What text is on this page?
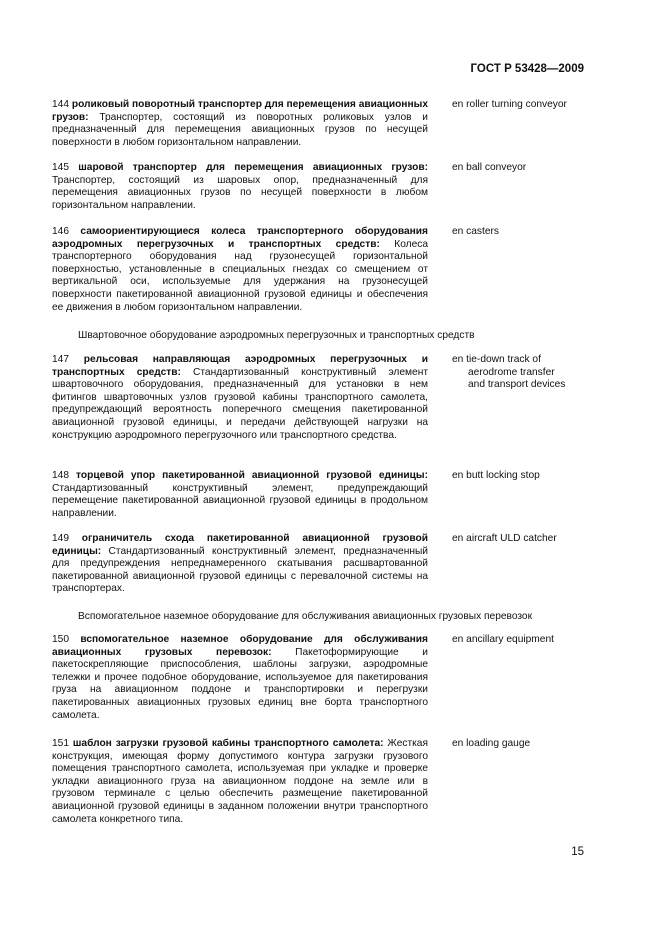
ГОСТ Р 53428—2009
144 роликовый поворотный транспортер для перемещения авиационных грузов: Транспортер, состоящий из поворотных роликовых узлов и предназначенный для перемещения авиационных грузов по несущей поверхности в любом горизонтальном направлении.
en roller turning conveyor
145 шаровой транспортер для перемещения авиационных грузов: Транспортер, состоящий из шаровых опор, предназначенный для перемещения авиационных грузов по несущей поверхности в любом горизонтальном направлении.
en ball conveyor
146 самоориентирующиеся колеса транспортерного оборудования аэродромных перегрузочных и транспортных средств: Колеса транспортерного оборудования над грузонесущей горизонтальной поверхностью, установленные в специальных гнездах со смещением от вертикальной оси, используемые для удержания на грузонесущей поверхности пакетированной авиационной грузовой единицы и обеспечения ее движения в любом горизонтальном направлении.
en casters
Швартовочное оборудование аэродромных перегрузочных и транспортных средств
147 рельсовая направляющая аэродромных перегрузочных и транспортных средств: Стандартизованный конструктивный элемент швартовочного оборудования, предназначенный для установки в нем фитингов швартовочных узлов грузовой кабины транспортного самолета, предупреждающий вероятность поперечного смещения пакетированной авиационной грузовой единицы, и передачи действующей нагрузки на конструкцию аэродромного перегрузочного или транспортного средства.
en tie-down track of
aerodrome transfer
and transport devices
148 торцевой упор пакетированной авиационной грузовой единицы: Стандартизованный конструктивный элемент, предупреждающий перемещение пакетированной авиационной грузовой единицы в продольном направлении.
en butt locking stop
149 ограничитель схода пакетированной авиационной грузовой единицы: Стандартизованный конструктивный элемент, предназначенный для предупреждения непреднамеренного скатывания расшвартованной пакетированной авиационной грузовой единицы с перевалочной системы на транспортерах.
en aircraft ULD catcher
Вспомогательное наземное оборудование для обслуживания авиационных грузовых перевозок
150 вспомогательное наземное оборудование для обслуживания авиационных грузовых перевозок: Пакетоформирующие и пакетоскрепляющие приспособления, шаблоны загрузки, аэродромные тележки и прочее подобное оборудование, используемое для пакетирования груза на авиационном поддоне и транспортировки и перегрузки пакетированных авиационных грузовых единиц вне борта транспортного самолета.
en ancillary equipment
151 шаблон загрузки грузовой кабины транспортного самолета: Жесткая конструкция, имеющая форму допустимого контура загрузки грузового помещения транспортного самолета, используемая при укладке и проверке укладки авиационного груза на авиационном поддоне на земле или в грузовом терминале с целью обеспечить размещение пакетированной авиационной грузовой единицы в заданном положении внутри транспортного самолета конкретного типа.
en loading gauge
15
